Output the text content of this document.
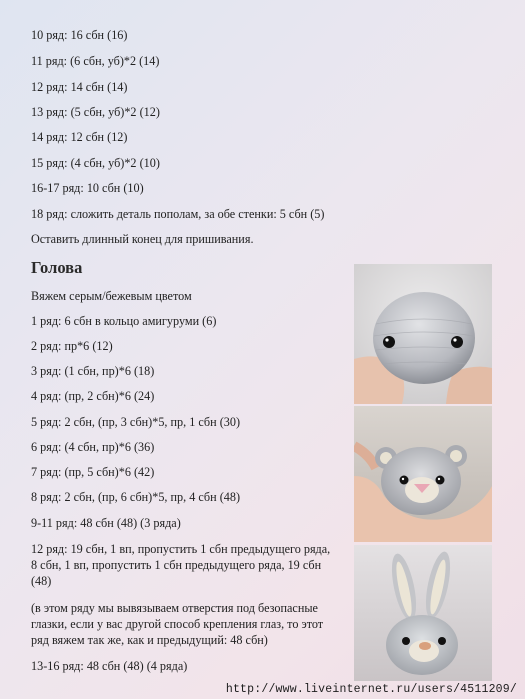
10 ряд: 16 сбн (16)
11 ряд: (6 сбн, уб)*2 (14)
12 ряд: 14 сбн (14)
13 ряд: (5 сбн, уб)*2 (12)
14 ряд: 12 сбн (12)
15 ряд: (4 сбн, уб)*2 (10)
16-17 ряд: 10 сбн (10)
18 ряд: сложить деталь пополам, за обе стенки: 5 сбн (5)
Оставить длинный конец для пришивания.
Голова
Вяжем серым/бежевым цветом
1 ряд: 6 сбн в кольцо амигуруми (6)
2 ряд: пр*6 (12)
3 ряд: (1 сбн, пр)*6 (18)
4 ряд: (пр, 2 сбн)*6 (24)
5 ряд: 2 сбн, (пр, 3 сбн)*5, пр, 1 сбн (30)
6 ряд: (4 сбн, пр)*6 (36)
7 ряд: (пр, 5 сбн)*6 (42)
8 ряд: 2 сбн, (пр, 6 сбн)*5, пр, 4 сбн (48)
9-11 ряд: 48 сбн (48) (3 ряда)
12 ряд: 19 сбн, 1 вп, пропустить 1 сбн предыдущего ряда,
8 сбн, 1 вп, пропустить 1 сбн предыдущего ряда, 19 сбн
(48)
(в этом ряду мы вывязываем отверстия под безопасные
глазки, если у вас другой способ крепления глаз, то этот
ряд вяжем так же, как и предыдущий: 48 сбн)
13-16 ряд: 48 сбн (48) (4 ряда)
http://www.liveinternet.ru/users/4511209/
